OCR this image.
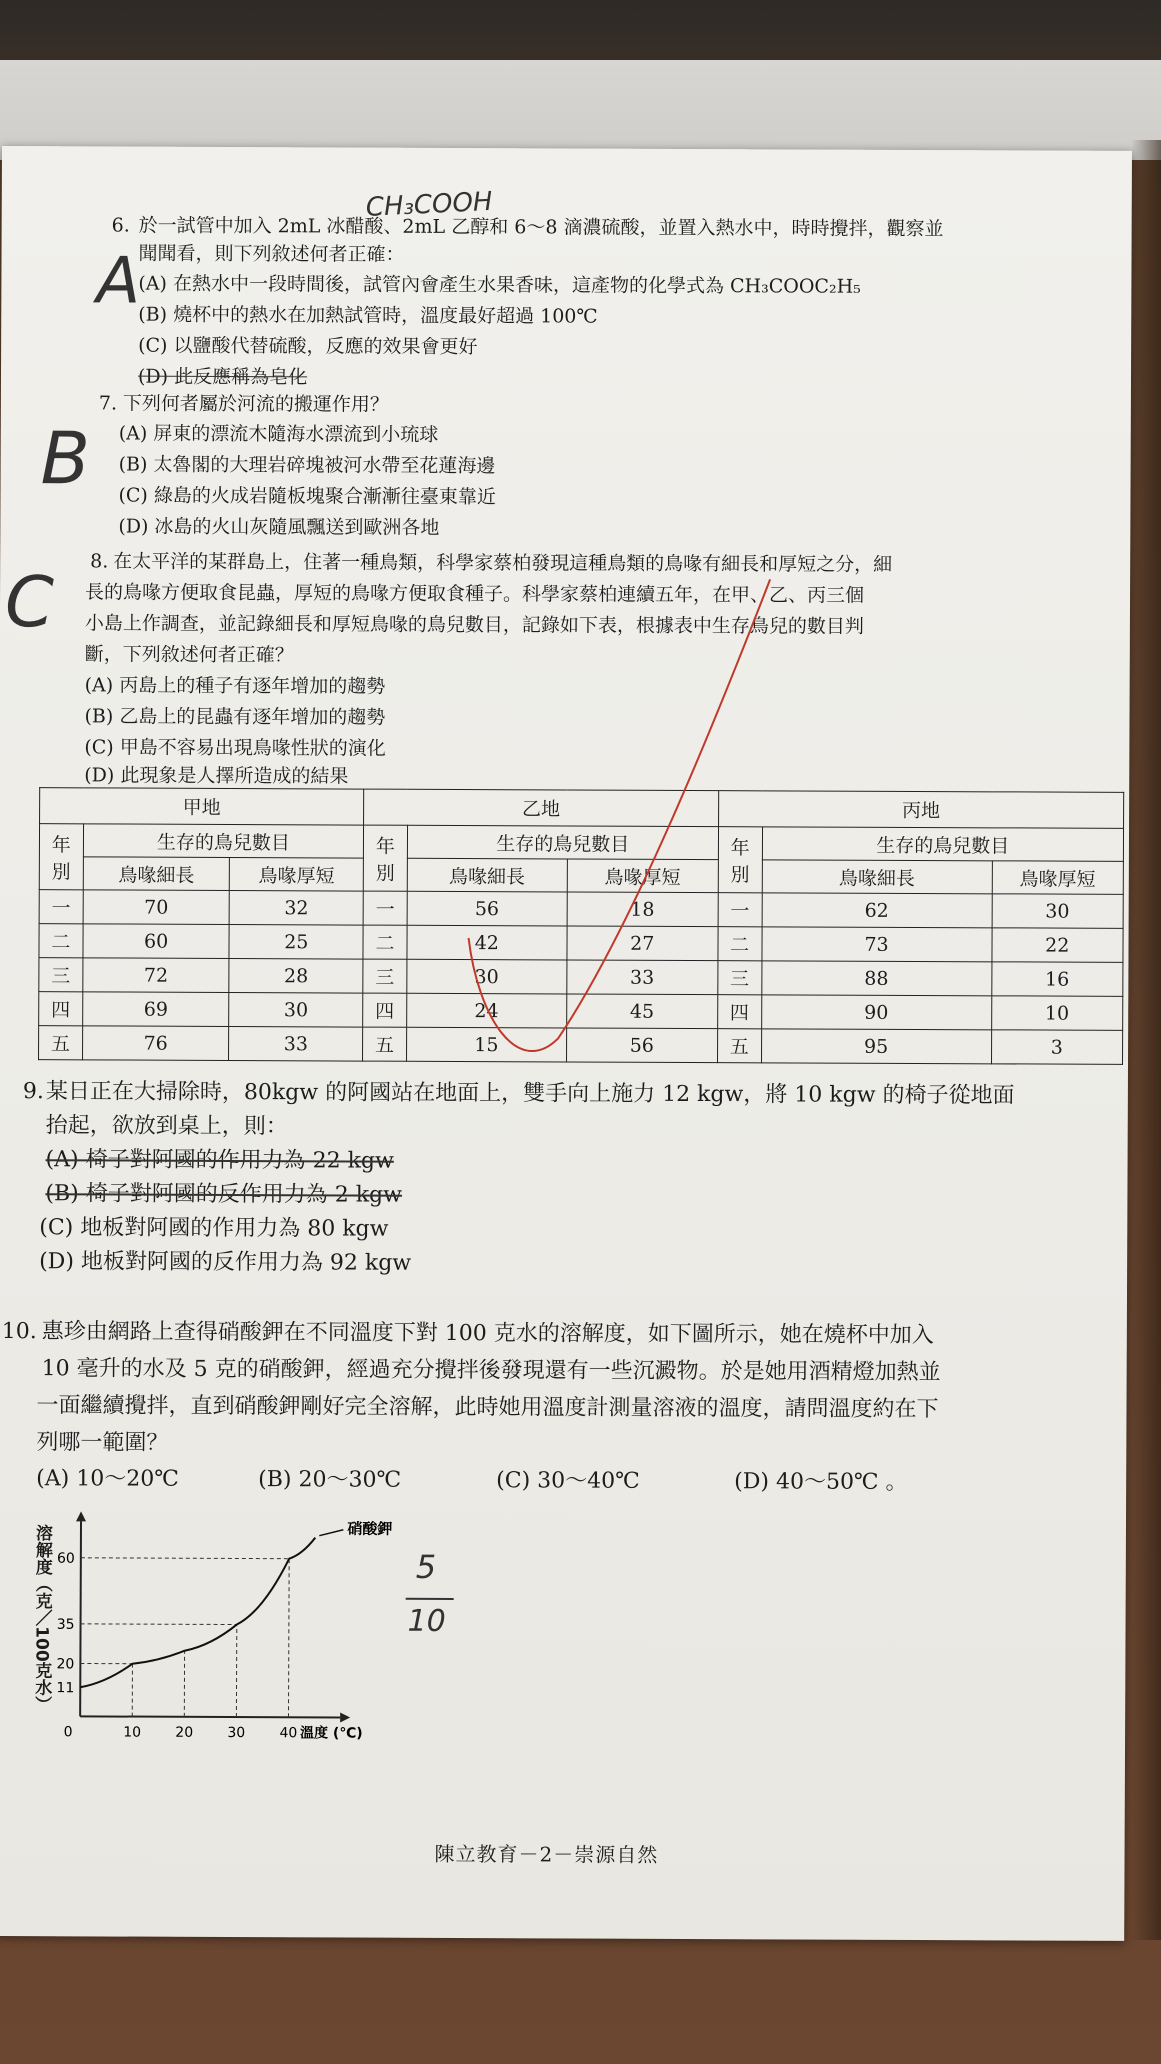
CH₃COOH
6. 於一試管中加入 2mL 冰醋酸、2mL 乙醇和 6～8 滴濃硫酸，並置入熱水中，時時攪拌，觀察並
聞聞看，則下列敘述何者正確：
A
(A) 在熱水中一段時間後，試管內會產生水果香味，這產物的化學式為 CH₃COOC₂H₅
(B) 燒杯中的熱水在加熱試管時，溫度最好超過 100℃
(C) 以鹽酸代替硫酸，反應的效果會更好
(D) 此反應稱為皂化
7. 下列何者屬於河流的搬運作用？
B (A) 屏東的漂流木隨海水漂流到小琉球
(B) 太魯閣的大理岩碎塊被河水帶至花蓮海邊
(C) 綠島的火成岩隨板塊聚合漸漸往臺東靠近
(D) 冰島的火山灰隨風飄送到歐洲各地
8. 在太平洋的某群島上，住著一種鳥類，科學家蔡柏發現這種鳥類的鳥喙有細長和厚短之分，細
長的鳥喙方便取食昆蟲，厚短的鳥喙方便取食種子。科學家蔡柏連續五年，在甲、乙、丙三個
小島上作調查，並記錄細長和厚短鳥喙的鳥兒數目，記錄如下表，根據表中生存鳥兒的數目判
斷，下列敘述何者正確？
C
(A) 丙島上的種子有逐年增加的趨勢
(B) 乙島上的昆蟲有逐年增加的趨勢
(C) 甲島不容易出現鳥喙性狀的演化
(D) 此現象是人擇所造成的結果
甲地			乙地			丙地		
年
別	生存的鳥兒數目		年
別	生存的鳥兒數目		年
別	生存的鳥兒數目	
	鳥喙細長	鳥喙厚短		鳥喙細長	鳥喙厚短		鳥喙細長	鳥喙厚短
一	70	32	一	56	18	一	62	30
二	60	25	二	42	27	二	73	22
三	72	28	三	30	33	三	88	16
四	69	30	四	24	45	四	90	10
五	76	33	五	15	56	五	95	3
9. 某日正在大掃除時，80kgw 的阿國站在地面上，雙手向上施力 12 kgw，將 10 kgw 的椅子從地面
抬起，欲放到桌上，則：
(A) 椅子對阿國的作用力為 22 kgw
(B) 椅子對阿國的反作用力為 2 kgw
(C) 地板對阿國的作用力為 80 kgw
(D) 地板對阿國的反作用力為 92 kgw
10. 惠珍由網路上查得硝酸鉀在不同溫度下對 100 克水的溶解度，如下圖所示，她在燒杯中加入
10 毫升的水及 5 克的硝酸鉀，經過充分攪拌後發現還有一些沉澱物。於是她用酒精燈加熱並
一面繼續攪拌，直到硝酸鉀剛好完全溶解，此時她用溫度計測量溶液的溫度，請問溫度約在下
列哪一範圍？
(A) 10～20℃	(B) 20～30℃	(C) 30～40℃	(D) 40～50℃ 。
5
10
溶解度（克／100克水） 60
35
20
11
10 20 30 40
0	溫度 (℃)
硝酸鉀
陳立教育－2－崇源自然
